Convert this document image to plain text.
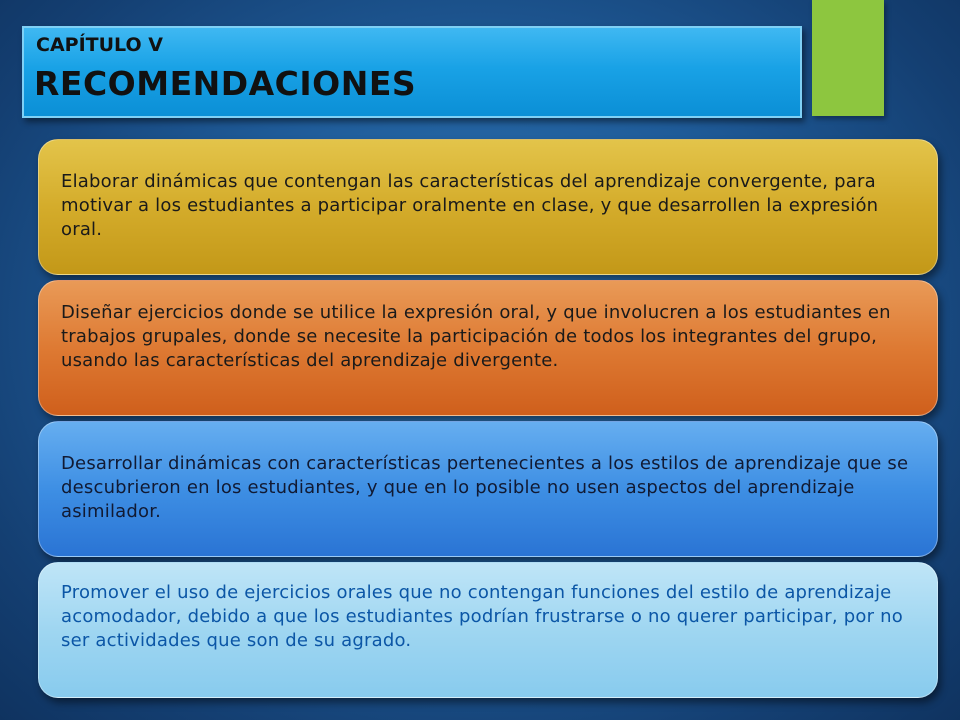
CAPÍTULO V
RECOMENDACIONES

Elaborar dinámicas que contengan las características del aprendizaje convergente, para motivar a los estudiantes a participar oralmente en clase, y que desarrollen la expresión oral.

Diseñar ejercicios donde se utilice la expresión oral, y que involucren a los estudiantes en trabajos grupales, donde se necesite la participación de todos los integrantes del grupo, usando las características del aprendizaje divergente.

Desarrollar dinámicas con características pertenecientes a los estilos de aprendizaje que se descubrieron en los estudiantes, y que en lo posible no usen aspectos del aprendizaje asimilador.

Promover el uso de ejercicios orales que no contengan funciones del estilo de aprendizaje acomodador, debido a que los estudiantes podrían frustrarse o no querer participar, por no ser actividades que son de su agrado.
